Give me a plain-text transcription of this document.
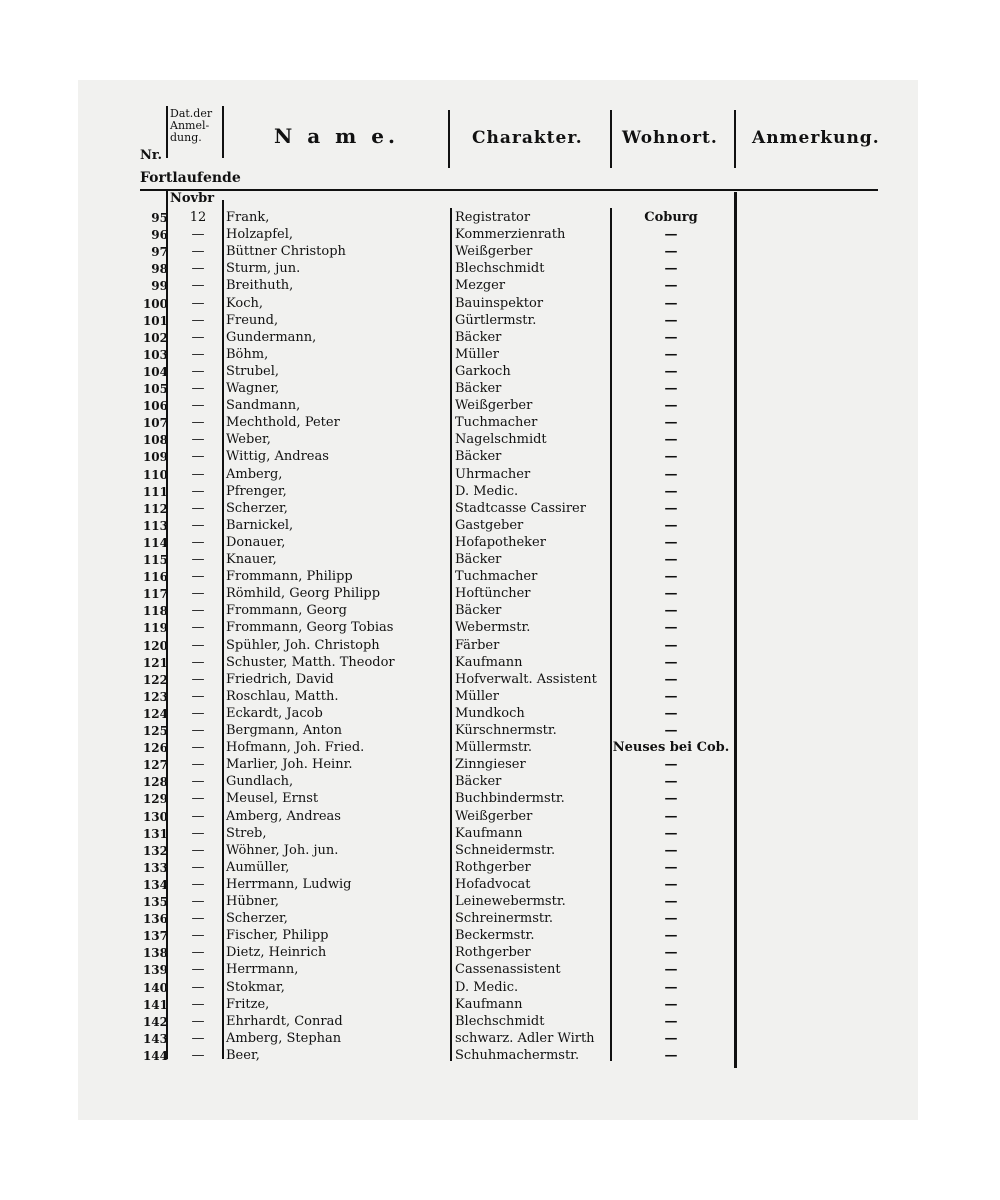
Dat.der
Anmel-
dung.
Nr.
N a m e.	Charakter. Wohnort. Anmerkung.
Fortlaufende
Novbr
95	12	Frank,	Registrator	Coburg
96	—	Holzapfel,	Kommerzienrath	—
97	—	Büttner Christoph	Weißgerber	—
98	—	Sturm, jun.	Blechschmidt	—
99	—	Breithuth,	Mezger	—
100	—	Koch,	Bauinspektor	—
101	—	Freund,	Gürtlermstr.	—
102	—	Gundermann,	Bäcker	—
103	—	Böhm,	Müller	—
104	—	Strubel,	Garkoch	—
105	—	Wagner,	Bäcker	—
106	—	Sandmann,	Weißgerber	—
107	—	Mechthold, Peter	Tuchmacher	—
108	—	Weber,	Nagelschmidt	—
109	—	Wittig, Andreas	Bäcker	—
110	—	Amberg,	Uhrmacher	—
111	—	Pfrenger,	D. Medic.	—
112	—	Scherzer,	Stadtcasse Cassirer	—
113	—	Barnickel,	Gastgeber	—
114	—	Donauer,	Hofapotheker	—
115	—	Knauer,	Bäcker	—
116	—	Frommann, Philipp	Tuchmacher	—
117	—	Römhild, Georg Philipp	Hoftüncher	—
118	—	Frommann, Georg	Bäcker	—
119	—	Frommann, Georg Tobias	Webermstr.	—
120	—	Spühler, Joh. Christoph	Färber	—
121	—	Schuster, Matth. Theodor	Kaufmann	—
122	—	Friedrich, David	Hofverwalt. Assistent	—
123	—	Roschlau, Matth.	Müller	—
124	—	Eckardt, Jacob	Mundkoch	—
125	—	Bergmann, Anton	Kürschnermstr.	—
126	—	Hofmann, Joh. Fried.	Müllermstr.	Neuses bei Cob.
127	—	Marlier, Joh. Heinr.	Zinngieser	—
128	—	Gundlach,	Bäcker	—
129	—	Meusel, Ernst	Buchbindermstr.	—
130	—	Amberg, Andreas	Weißgerber	—
131	—	Streb,	Kaufmann	—
132	—	Wöhner, Joh. jun.	Schneidermstr.	—
133	—	Aumüller,	Rothgerber	—
134	—	Herrmann, Ludwig	Hofadvocat	—
135	—	Hübner,	Leinewebermstr.	—
136	—	Scherzer,	Schreinermstr.	—
137	—	Fischer, Philipp	Beckermstr.	—
138	—	Dietz, Heinrich	Rothgerber	—
139	—	Herrmann,	Cassenassistent	—
140	—	Stokmar,	D. Medic.	—
141	—	Fritze,	Kaufmann	—
142	—	Ehrhardt, Conrad	Blechschmidt	—
143	—	Amberg, Stephan	schwarz. Adler Wirth	—
144	—	Beer,	Schuhmachermstr.	—
